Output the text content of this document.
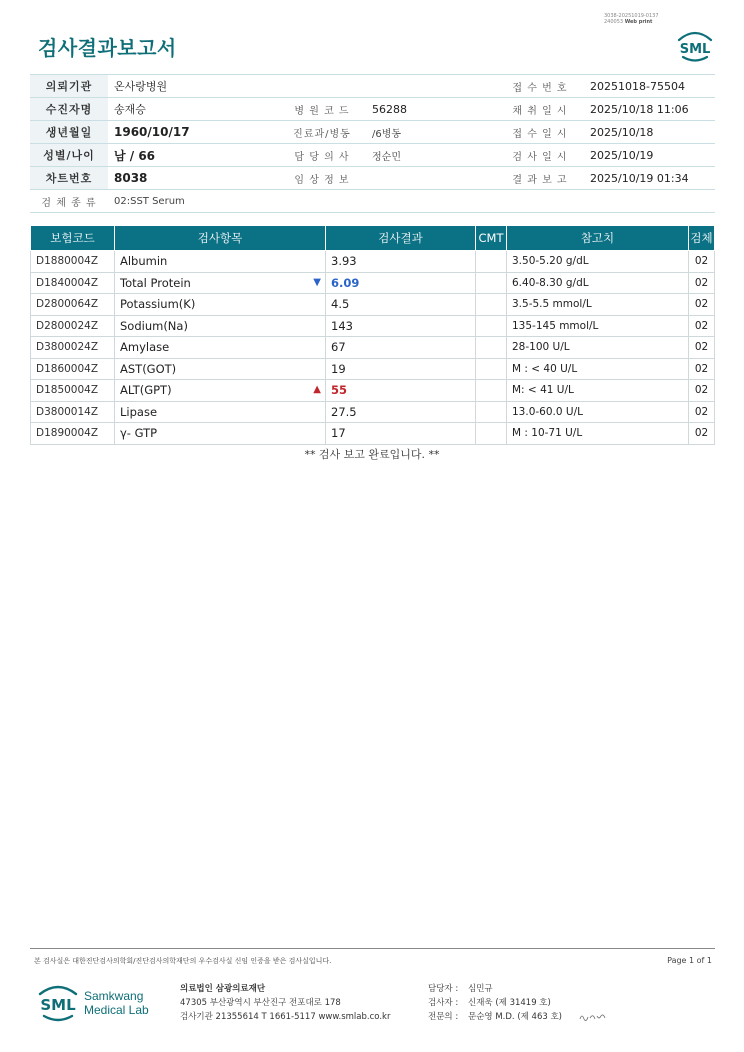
검사결과보고서
3038-20251019-0137
240053 Web print
SML
의뢰기관	온사랑병원			접 수 번 호	20251018-75504
수진자명	송재승	병 원 코 드	56288	채 취 일 시	2025/10/18 11:06
생년월일	1960/10/17	진료과/병동	/6병동	접 수 일 시	2025/10/18
성별/나이	남 / 66	담 당 의 사	정순민	검 사 일 시	2025/10/19
차트번호	8038	임 상 정 보		결 과 보 고	2025/10/19 01:34
검 체 종 류	02:SST Serum				
보험코드	검사항목	검사결과	CMT	참고치	검체
D1880004Z	Albumin	3.93		3.50-5.20 g/dL	02
D1840004Z	Total Protein ▼	6.09		6.40-8.30 g/dL	02
D2800064Z	Potassium(K)	4.5		3.5-5.5 mmol/L	02
D2800024Z	Sodium(Na)	143		135-145 mmol/L	02
D3800024Z	Amylase	67		28-100 U/L	02
D1860004Z	AST(GOT)	19		M : < 40 U/L	02
D1850004Z	ALT(GPT) ▲	55		M: < 41 U/L	02
D3800014Z	Lipase	27.5		13.0-60.0 U/L	02
D1890004Z	γ- GTP	17		M : 10-71 U/L	02
** 검사 보고 완료입니다. **
본 검사실은 대한진단검사의학회/진단검사의학재단의 우수검사실 신임 인증을 받은 검사실입니다.	Page 1 of 1
SML Samkwang
Medical Lab
의료법인 삼광의료재단
47305 부산광역시 부산진구 전포대로 178
검사기관 21355614 T 1661-5117 www.smlab.co.kr
담당자 : 심민규
검사자 : 신재욱 (제 31419 호)
전문의 : 문순영 M.D. (제 463 호)
